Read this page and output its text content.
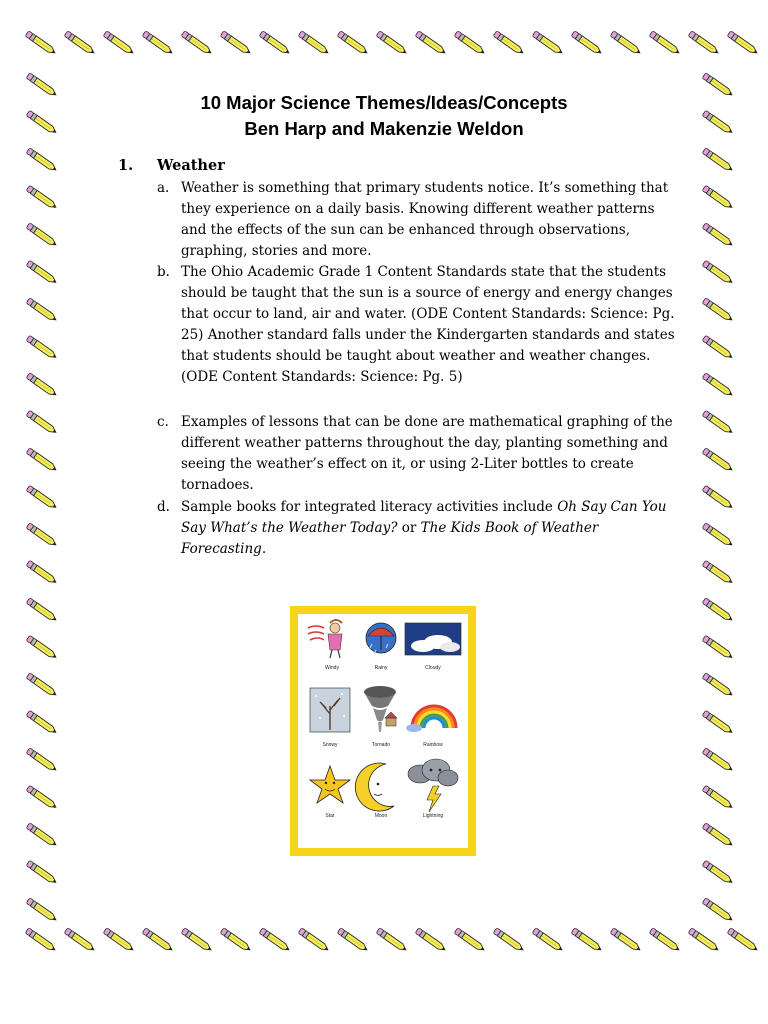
10 Major Science Themes/Ideas/Concepts
Ben Harp and Makenzie Weldon
1. Weather
a. Weather is something that primary students notice. It’s something that they experience on a daily basis. Knowing different weather patterns and the effects of the sun can be enhanced through observations, graphing, stories and more.
b. The Ohio Academic Grade 1 Content Standards state that the students should be taught that the sun is a source of energy and energy changes that occur to land, air and water. (ODE Content Standards: Science: Pg. 25) Another standard falls under the Kindergarten standards and states that students should be taught about weather and weather changes. (ODE Content Standards: Science: Pg. 5)
c. Examples of lessons that can be done are mathematical graphing of the different weather patterns throughout the day, planting something and seeing the weather’s effect on it, or using 2-Liter bottles to create tornadoes.
d. Sample books for integrated literacy activities include Oh Say Can You Say What’s the Weather Today? or The Kids Book of Weather Forecasting.
Windy	Rainy	Cloudy
Snowy	Tornado	Rainbow
Star	Moon	Lightning
